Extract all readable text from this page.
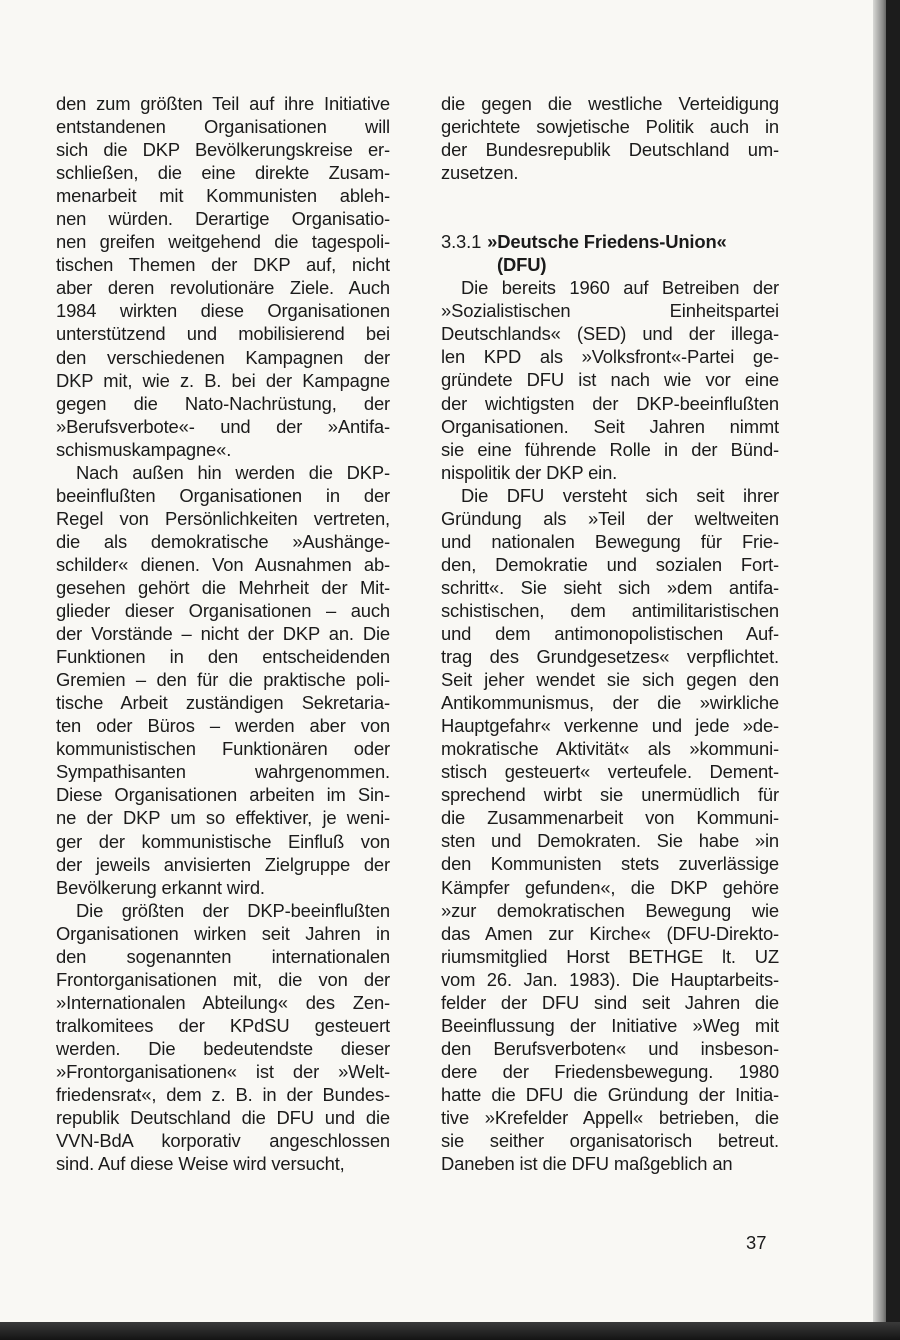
den zum größten Teil auf ihre Initiative
entstandenen Organisationen will
sich die DKP Bevölkerungskreise er-
schließen, die eine direkte Zusam-
menarbeit mit Kommunisten ableh-
nen würden. Derartige Organisatio-
nen greifen weitgehend die tagespoli-
tischen Themen der DKP auf, nicht
aber deren revolutionäre Ziele. Auch
1984 wirkten diese Organisationen
unterstützend und mobilisierend bei
den verschiedenen Kampagnen der
DKP mit, wie z. B. bei der Kampagne
gegen die Nato-Nachrüstung, der
»Berufsverbote«- und der »Antifa-
schismuskampagne«.
Nach außen hin werden die DKP-
beeinflußten Organisationen in der
Regel von Persönlichkeiten vertreten,
die als demokratische »Aushänge-
schilder« dienen. Von Ausnahmen ab-
gesehen gehört die Mehrheit der Mit-
glieder dieser Organisationen – auch
der Vorstände – nicht der DKP an. Die
Funktionen in den entscheidenden
Gremien – den für die praktische poli-
tische Arbeit zuständigen Sekretaria-
ten oder Büros – werden aber von
kommunistischen Funktionären oder
Sympathisanten wahrgenommen.
Diese Organisationen arbeiten im Sin-
ne der DKP um so effektiver, je weni-
ger der kommunistische Einfluß von
der jeweils anvisierten Zielgruppe der
Bevölkerung erkannt wird.
Die größten der DKP-beeinflußten
Organisationen wirken seit Jahren in
den sogenannten internationalen
Frontorganisationen mit, die von der
»Internationalen Abteilung« des Zen-
tralkomitees der KPdSU gesteuert
werden. Die bedeutendste dieser
»Frontorganisationen« ist der »Welt-
friedensrat«, dem z. B. in der Bundes-
republik Deutschland die DFU und die
VVN-BdA korporativ angeschlossen
sind. Auf diese Weise wird versucht,
die gegen die westliche Verteidigung
gerichtete sowjetische Politik auch in
der Bundesrepublik Deutschland um-
zusetzen.
3.3.1 »Deutsche Friedens-Union«
(DFU)
Die bereits 1960 auf Betreiben der
»Sozialistischen Einheitspartei
Deutschlands« (SED) und der illega-
len KPD als »Volksfront«-Partei ge-
gründete DFU ist nach wie vor eine
der wichtigsten der DKP-beeinflußten
Organisationen. Seit Jahren nimmt
sie eine führende Rolle in der Bünd-
nispolitik der DKP ein.
Die DFU versteht sich seit ihrer
Gründung als »Teil der weltweiten
und nationalen Bewegung für Frie-
den, Demokratie und sozialen Fort-
schritt«. Sie sieht sich »dem antifa-
schistischen, dem antimilitaristischen
und dem antimonopolistischen Auf-
trag des Grundgesetzes« verpflichtet.
Seit jeher wendet sie sich gegen den
Antikommunismus, der die »wirkliche
Hauptgefahr« verkenne und jede »de-
mokratische Aktivität« als »kommuni-
stisch gesteuert« verteufele. Dement-
sprechend wirbt sie unermüdlich für
die Zusammenarbeit von Kommuni-
sten und Demokraten. Sie habe »in
den Kommunisten stets zuverlässige
Kämpfer gefunden«, die DKP gehöre
»zur demokratischen Bewegung wie
das Amen zur Kirche« (DFU-Direkto-
riumsmitglied Horst BETHGE lt. UZ
vom 26. Jan. 1983). Die Hauptarbeits-
felder der DFU sind seit Jahren die
Beeinflussung der Initiative »Weg mit
den Berufsverboten« und insbeson-
dere der Friedensbewegung. 1980
hatte die DFU die Gründung der Initia-
tive »Krefelder Appell« betrieben, die
sie seither organisatorisch betreut.
Daneben ist die DFU maßgeblich an
37
